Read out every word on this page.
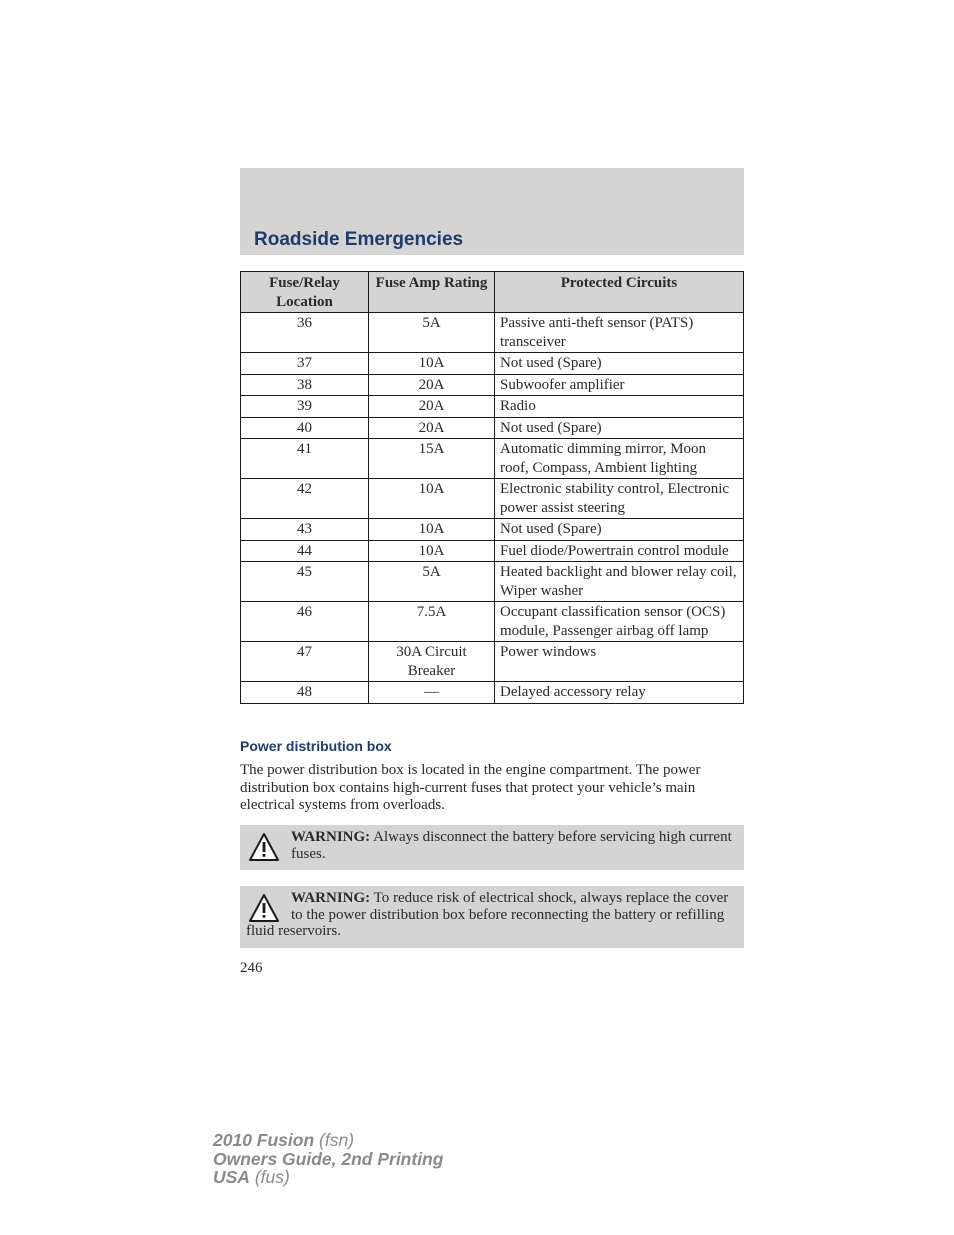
Roadside Emergencies
Fuse/Relay Location	Fuse Amp Rating	Protected Circuits
36	5A	Passive anti-theft sensor (PATS) transceiver
37	10A	Not used (Spare)
38	20A	Subwoofer amplifier
39	20A	Radio
40	20A	Not used (Spare)
41	15A	Automatic dimming mirror, Moon roof, Compass, Ambient lighting
42	10A	Electronic stability control, Electronic power assist steering
43	10A	Not used (Spare)
44	10A	Fuel diode/Powertrain control module
45	5A	Heated backlight and blower relay coil, Wiper washer
46	7.5A	Occupant classification sensor (OCS) module, Passenger airbag off lamp
47	30A Circuit Breaker	Power windows
48	—	Delayed accessory relay
Power distribution box

The power distribution box is located in the engine compartment. The power distribution box contains high-current fuses that protect your vehicle’s main electrical systems from overloads.

WARNING: Always disconnect the battery before servicing high current fuses.
WARNING: To reduce risk of electrical shock, always replace the cover to the power distribution box before reconnecting the battery or refilling fluid reservoirs.

246

2010 Fusion (fsn)
Owners Guide, 2nd Printing
USA (fus)
